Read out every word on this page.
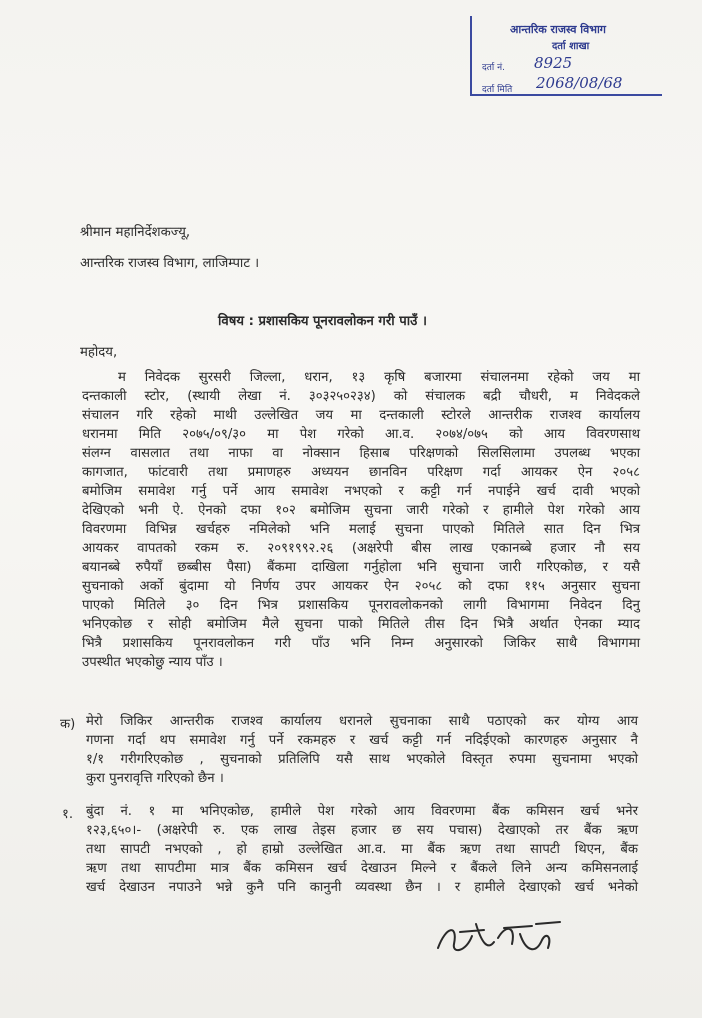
आन्तरिक राजस्व विभाग
दर्ता शाखा
दर्ता नं. 8925
दर्ता मिति 2068/08/68
श्रीमान महानिर्देशकज्यू,
आन्तरिक राजस्व विभाग, लाजिम्पाट ।
विषय : प्रशासकिय पूनरावलोकन गरी पाउँ ।
महोदय,
म निवेदक सुरसरी जिल्ला, धरान, १३ कृषि बजारमा संचालनमा रहेको जय मा
दन्तकाली स्टोर, (स्थायी लेखा नं. ३०३२५०२३४) को संचालक बद्री चौधरी, म निवेदकले
संचालन गरि रहेको माथी उल्लेखित जय मा दन्तकाली स्टोरले आन्तरीक राजश्व कार्यालय
धरानमा मिति २०७५/०९/३० मा पेश गरेको आ.व. २०७४/०७५ को आय विवरणसाथ
संलग्न वासलात तथा नाफा वा नोक्सान हिसाब परिक्षणको सिलसिलामा उपलब्ध भएका
कागजात, फांटवारी तथा प्रमाणहरु अध्ययन छानविन परिक्षण गर्दा आयकर ऐन २०५८
बमोजिम समावेश गर्नु पर्ने आय समावेश नभएको र कट्टी गर्न नपाईने खर्च दावी भएको
देखिएको भनी ऐ. ऐनको दफा १०२ बमोजिम सुचना जारी गरेको र हामीले पेश गरेको आय
विवरणमा विभिन्न खर्चहरु नमिलेको भनि मलाई सुचना पाएको मितिले सात दिन भित्र
आयकर वापतको रकम रु. २०९१९९२.२६ (अक्षरेपी बीस लाख एकानब्बे हजार नौ सय
बयानब्बे रुपैयाँ छब्बीस पैसा) बैंकमा दाखिला गर्नुहोला भनि सुचाना जारी गरिएकोछ, र यसै
सुचनाको अर्को बुंदामा यो निर्णय उपर आयकर ऐन २०५८ को दफा ११५ अनुसार सुचना
पाएको मितिले ३० दिन भित्र प्रशासकिय पूनरावलोकनको लागी विभागमा निवेदन दिनु
भनिएकोछ र सोही बमोजिम मैले सुचना पाको मितिले तीस दिन भित्रै अर्थात ऐनका म्याद
भित्रै प्रशासकिय पूनरावलोकन गरी पाँउ भनि निम्न अनुसारको जिकिर साथै विभागमा
उपस्थीत भएकोछु न्याय पाँउ ।
क) मेरो जिकिर आन्तरीक राजश्व कार्यालय धरानले सुचनाका साथै पठाएको कर योग्य आय
गणना गर्दा थप समावेश गर्नु पर्ने रकमहरु र खर्च कट्टी गर्न नदिईएको कारणहरु अनुसार नै
१/१ गरीगरिएकोछ , सुचनाको प्रतिलिपि यसै साथ भएकोले विस्तृत रुपमा सुचनामा भएको
कुरा पुनरावृत्ति गरिएको छैन ।
१. बुंदा नं. १ मा भनिएकोछ, हामीले पेश गरेको आय विवरणमा बैंक कमिसन खर्च भनेर
१२३,६५०।- (अक्षरेपी रु. एक लाख तेइस हजार छ सय पचास) देखाएको तर बैंक ऋण
तथा सापटी नभएको , हो हाम्रो उल्लेखित आ.व. मा बैंक ऋण तथा सापटी थिएन, बैंक
ऋण तथा सापटीमा मात्र बैंक कमिसन खर्च देखाउन मिल्ने र बैंकले लिने अन्य कमिसनलाई
खर्च देखाउन नपाउने भन्ने कुनै पनि कानुनी व्यवस्था छैन । र हामीले देखाएको खर्च भनेको
